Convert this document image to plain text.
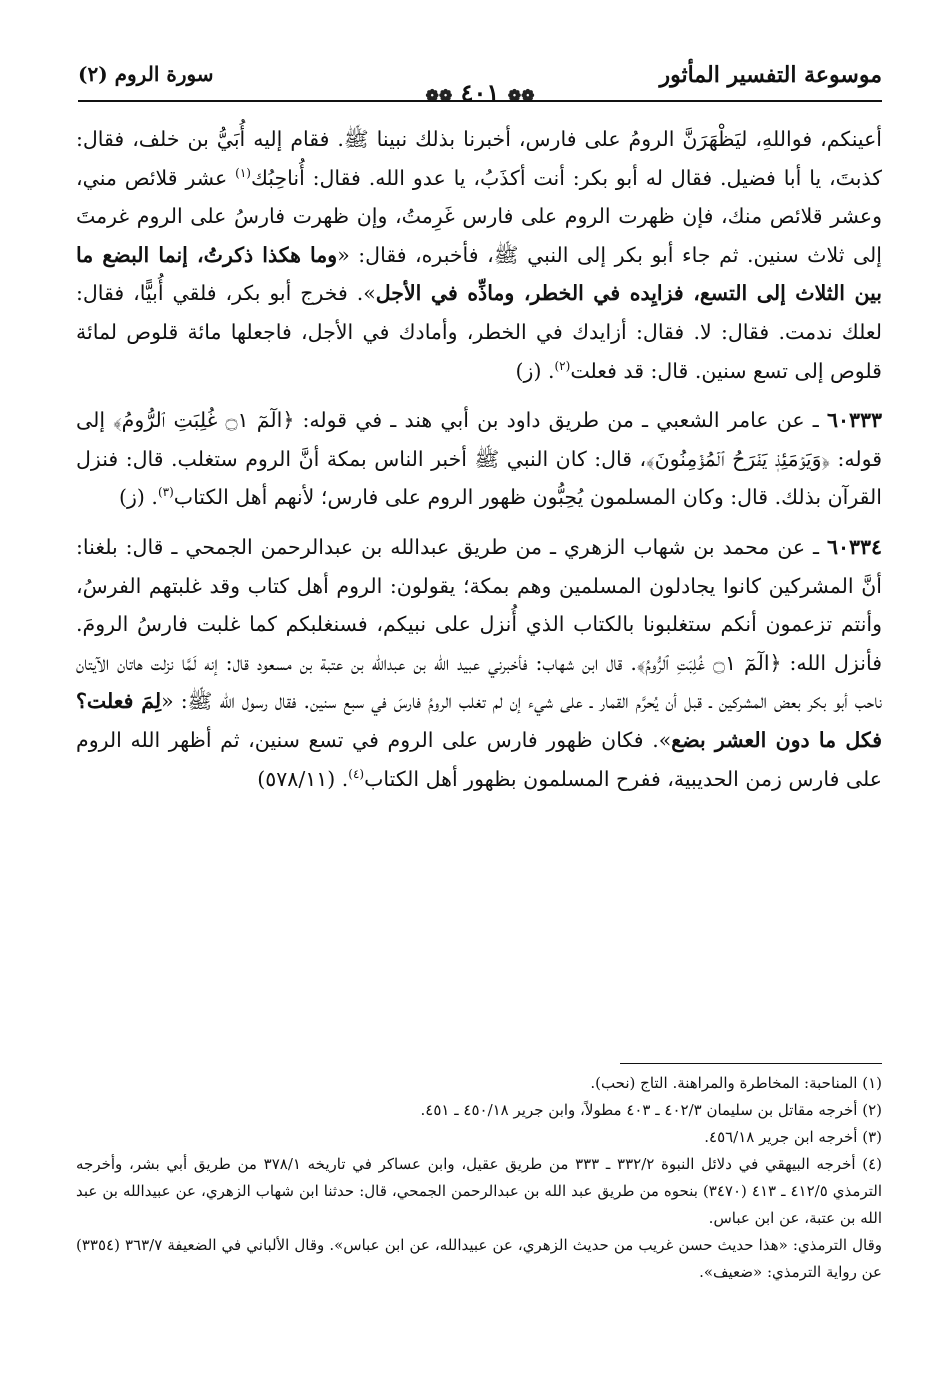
موسوعة التفسير المأثور
❁❁ ٤٠١ ❁❁
سورة الروم (٢)

أعينكم، فواللهِ، ليَظْهَرَنَّ الرومُ على فارس، أخبرنا بذلك نبينا ﷺ. فقام إليه أُبَيُّ بن خلف، فقال: كذبتَ، يا أبا فضيل. فقال له أبو بكر: أنت أكذَبُ، يا عدو الله. فقال: أُناحِبُك$^{(١)}$ عشر قلائص مني، وعشر قلائص منك، فإن ظهرت الروم على فارس غَرِمتُ، وإن ظهرت فارسُ على الروم غرمتَ إلى ثلاث سنين. ثم جاء أبو بكر إلى النبي ﷺ، فأخبره، فقال: «وما هكذا ذكرتُ، إنما البضع ما بين الثلاث إلى التسع، فزايِده في الخطر، وماذِّه في الأجل». فخرج أبو بكر، فلقي أُبيًّا، فقال: لعلك ندمت. فقال: لا. فقال: أزايدك في الخطر، وأمادك في الأجل، فاجعلها مائة قلوص لمائة قلوص إلى تسع سنين. قال: قد فعلت$^{(٢)}$. (ز)

٦٠٣٣٣ ـ عن عامر الشعبي ـ من طريق داود بن أبي هند ـ في قوله: ﴿الٓمٓ ۝١ غُلِبَتِ ٱلرُّومُ﴾ إلى قوله: ﴿وَيَوۡمَئِذٖ يَفۡرَحُ ٱلۡمُؤۡمِنُونَ﴾، قال: كان النبي ﷺ أخبر الناس بمكة أنَّ الروم ستغلب. قال: فنزل القرآن بذلك. قال: وكان المسلمون يُحِبُّون ظهور الروم على فارس؛ لأنهم أهل الكتاب$^{(٣)}$. (ز)

٦٠٣٣٤ ـ عن محمد بن شهاب الزهري ـ من طريق عبدالله بن عبدالرحمن الجمحي ـ قال: بلغنا: أنَّ المشركين كانوا يجادلون المسلمين وهم بمكة؛ يقولون: الروم أهل كتاب وقد غلبتهم الفرسُ، وأنتم تزعمون أنكم ستغلبونا بالكتاب الذي أُنزل على نبيكم، فسنغلبكم كما غلبت فارسُ الرومَ. فأنزل الله: ﴿الٓمٓ ۝١ غُلِبَتِ ٱلرُّومُ﴾. قال ابن شهاب: فأخبرني عبيد الله بن عبدالله بن عتبة بن مسعود قال: إنه لَمَّا نزلت هاتان الآيتان ناحب أبو بكر بعض المشركين ـ قبل أن يُحرَّم القمار ـ على شيء إن لم تغلب الرومُ فارسَ في سبع سنين. فقال رسول الله ﷺ: «لِمَ فعلت؟ فكل ما دون العشر بضع». فكان ظهور فارس على الروم في تسع سنين، ثم أظهر الله الروم على فارس زمن الحديبية، ففرح المسلمون بظهور أهل الكتاب$^{(٤)}$. (٥٧٨/١١)

(١) المناحبة: المخاطرة والمراهنة. التاج (نحب).

(٢) أخرجه مقاتل بن سليمان ٤٠٢/٣ ـ ٤٠٣ مطولاً، وابن جرير ٤٥٠/١٨ ـ ٤٥١.

(٣) أخرجه ابن جرير ٤٥٦/١٨.

(٤) أخرجه البيهقي في دلائل النبوة ٣٣٢/٢ ـ ٣٣٣ من طريق عقيل، وابن عساكر في تاريخه ٣٧٨/١ من طريق أبي بشر، وأخرجه الترمذي ٤١٢/٥ ـ ٤١٣ (٣٤٧٠) بنحوه من طريق عبد الله بن عبدالرحمن الجمحي، قال: حدثنا ابن شهاب الزهري، عن عبيدالله بن عبد الله بن عتبة، عن ابن عباس.

وقال الترمذي: «هذا حديث حسن غريب من حديث الزهري، عن عبيدالله، عن ابن عباس». وقال الألباني في الضعيفة ٣٦٣/٧ (٣٣٥٤) عن رواية الترمذي: «ضعيف».
